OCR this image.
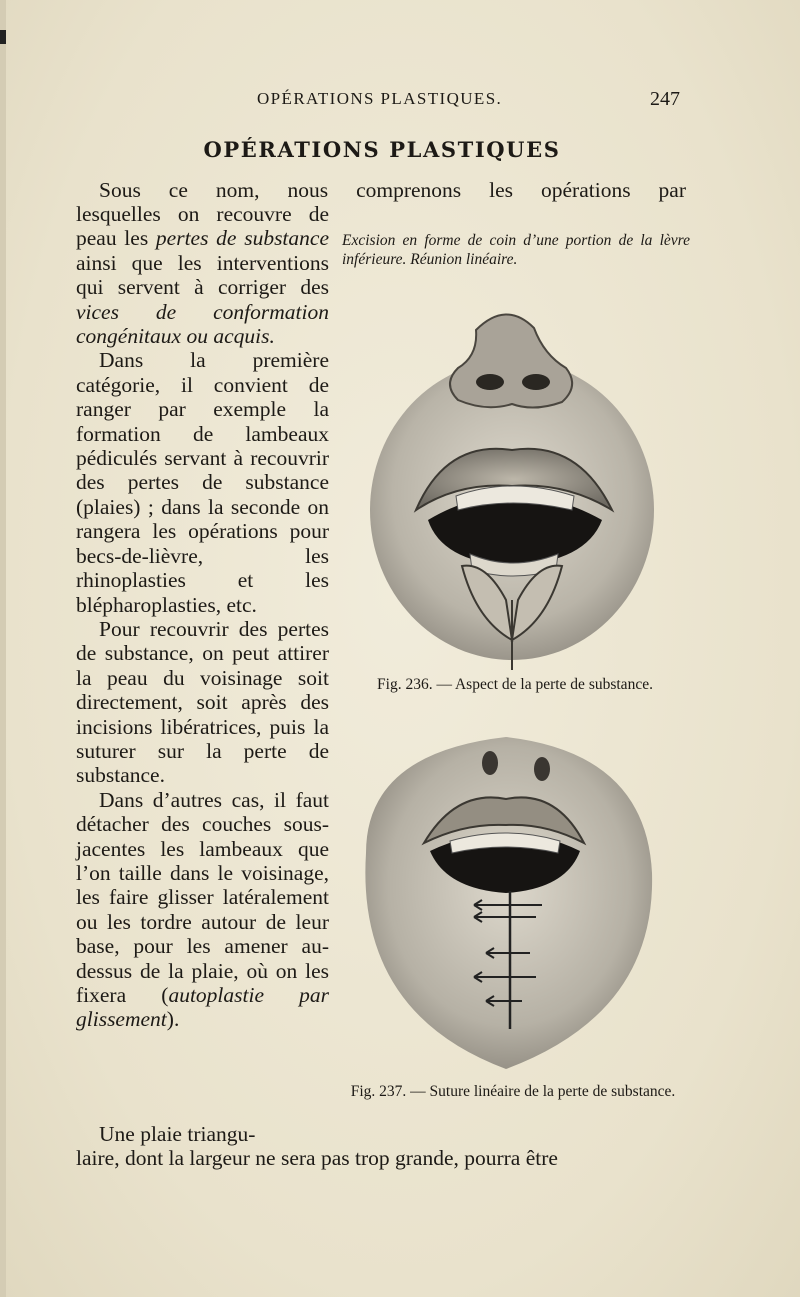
OPÉRATIONS PLASTIQUES.	247
OPÉRATIONS PLASTIQUES
Sous ce nom, nous comprenons les opérations par

lesquelles on recouvre de peau les pertes de substance ainsi que les interventions qui servent à corriger des vices de conformation congénitaux ou acquis.

Dans la première catégorie, il convient de ranger par exemple la formation de lambeaux pédiculés servant à recouvrir des pertes de substance (plaies) ; dans la seconde on rangera les opérations pour becs-de-lièvre, les rhinoplasties et les blépharoplasties, etc.

Pour recouvrir des pertes de substance, on peut attirer la peau du voisinage soit directement, soit après des incisions libératrices, puis la suturer sur la perte de substance.

Dans d’autres cas, il faut détacher des couches sous-jacentes les lambeaux que l’on taille dans le voisinage, les faire glisser latéralement ou les tordre autour de leur base, pour les amener au-dessus de la plaie, où on les fixera (autoplastie par glissement).

Une plaie triangu-
laire, dont la largeur ne sera pas trop grande, pourra être
Excision en forme de coin d’une portion de la lèvre inférieure. Réunion linéaire.
Fig. 236. — Aspect de la perte de substance.
Fig. 237. — Suture linéaire de la perte de substance.
